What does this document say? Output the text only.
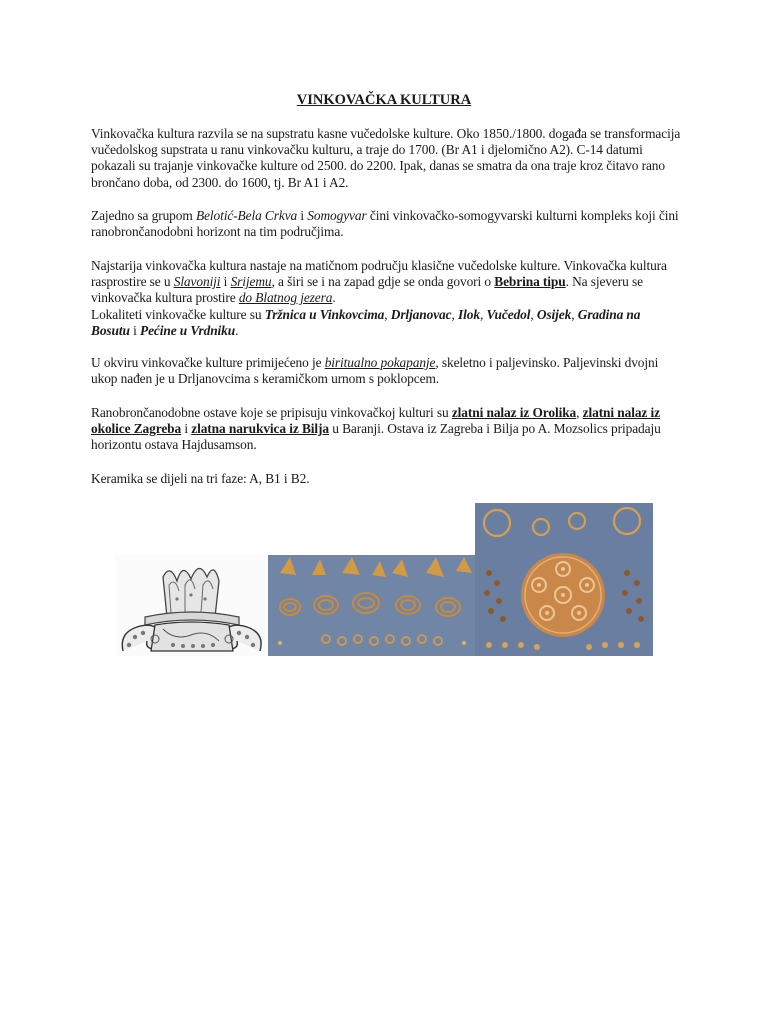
VINKOVAČKA KULTURA

Vinkovačka kultura razvila se na supstratu kasne vučedolske kulture. Oko 1850./1800. događa se transformacija vučedolskog supstrata u ranu vinkovačku kulturu, a traje do 1700. (Br A1 i djelomično A2). C-14 datumi pokazali su trajanje vinkovačke kulture od 2500. do 2200. Ipak, danas se smatra da ona traje kroz čitavo rano brončano doba, od 2300. do 1600, tj. Br A1 i A2.

Zajedno sa grupom Belotić-Bela Crkva i Somogyvar čini vinkovačko-somogyvarski kulturni kompleks koji čini ranobrončanodobni horizont na tim područjima.

Najstarija vinkovačka kultura nastaje na matičnom području klasične vučedolske kulture. Vinkovačka kultura rasprostire se u Slavoniji i Srijemu, a širi se i na zapad gdje se onda govori o Bebrina tipu. Na sjeveru se vinkovačka kultura prostire do Blatnog jezera.

Lokaliteti vinkovačke kulture su Tržnica u Vinkovcima, Drljanovac, Ilok, Vučedol, Osijek, Gradina na Bosutu i Pećine u Vrdniku.

U okviru vinkovačke kulture primijećeno je biritualno pokapanje, skeletno i paljevinsko. Paljevinski dvojni ukop nađen je u Drljanovcima s keramičkom urnom s poklopcem.

Ranobrončanodobne ostave koje se pripisuju vinkovačkoj kulturi su zlatni nalaz iz Orolika, zlatni nalaz iz okolice Zagreba i zlatna narukvica iz Bilja u Baranji. Ostava iz Zagreba i Bilja po A. Mozsolics pripadaju horizontu ostava Hajdusamson.

Keramika se dijeli na tri faze: A, B1 i B2.
